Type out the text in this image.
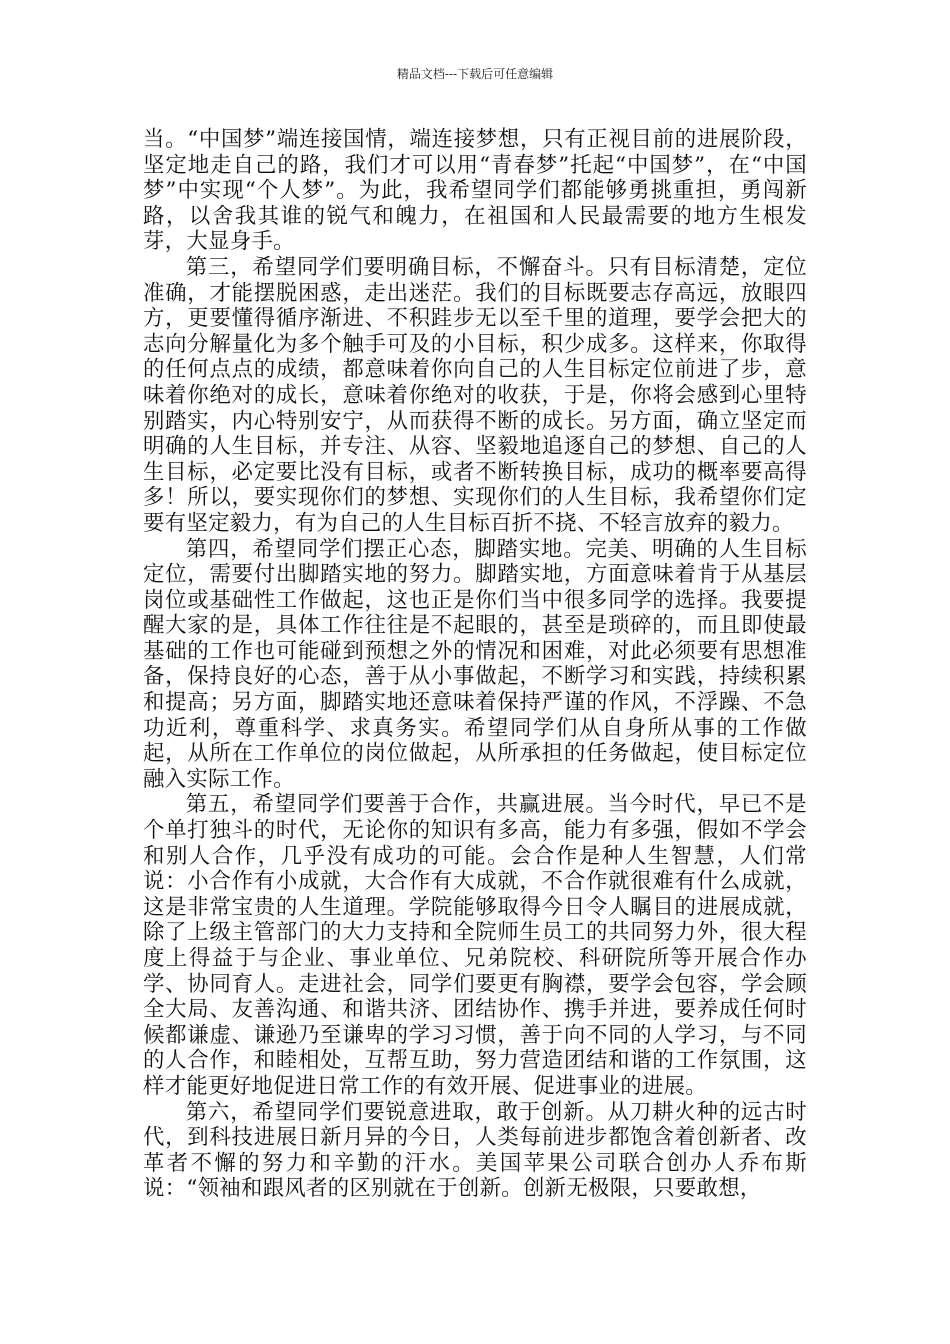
精品文档---下载后可任意编辑

当。“中国梦”端连接国情，端连接梦想，只有正视目前的进展阶段，坚定地走自己的路，我们才可以用“青春梦”托起“中国梦”，在“中国梦”中实现“个人梦”。为此，我希望同学们都能够勇挑重担，勇闯新路，以舍我其谁的锐气和魄力，在祖国和人民最需要的地方生根发芽，大显身手。

第三，希望同学们要明确目标，不懈奋斗。只有目标清楚，定位准确，才能摆脱困惑，走出迷茫。我们的目标既要志存高远，放眼四方，更要懂得循序渐进、不积跬步无以至千里的道理，要学会把大的志向分解量化为多个触手可及的小目标，积少成多。这样来，你取得的任何点点的成绩，都意味着你向自己的人生目标定位前进了步，意味着你绝对的成长，意味着你绝对的收获，于是，你将会感到心里特别踏实，内心特别安宁，从而获得不断的成长。另方面，确立坚定而明确的人生目标，并专注、从容、坚毅地追逐自己的梦想、自己的人生目标，必定要比没有目标，或者不断转换目标，成功的概率要高得多！所以，要实现你们的梦想、实现你们的人生目标，我希望你们定要有坚定毅力，有为自己的人生目标百折不挠、不轻言放弃的毅力。

第四，希望同学们摆正心态，脚踏实地。完美、明确的人生目标定位，需要付出脚踏实地的努力。脚踏实地，方面意味着肯于从基层岗位或基础性工作做起，这也正是你们当中很多同学的选择。我要提醒大家的是，具体工作往往是不起眼的，甚至是琐碎的，而且即使最基础的工作也可能碰到预想之外的情况和困难，对此必须要有思想准备，保持良好的心态，善于从小事做起，不断学习和实践，持续积累和提高；另方面，脚踏实地还意味着保持严谨的作风，不浮躁、不急功近利，尊重科学、求真务实。希望同学们从自身所从事的工作做起，从所在工作单位的岗位做起，从所承担的任务做起，使目标定位融入实际工作。

第五，希望同学们要善于合作，共赢进展。当今时代，早已不是个单打独斗的时代，无论你的知识有多高，能力有多强，假如不学会和别人合作，几乎没有成功的可能。会合作是种人生智慧，人们常说：小合作有小成就，大合作有大成就，不合作就很难有什么成就，这是非常宝贵的人生道理。学院能够取得今日令人瞩目的进展成就，除了上级主管部门的大力支持和全院师生员工的共同努力外，很大程度上得益于与企业、事业单位、兄弟院校、科研院所等开展合作办学、协同育人。走进社会，同学们要更有胸襟，要学会包容，学会顾全大局、友善沟通、和谐共济、团结协作、携手并进，要养成任何时候都谦虚、谦逊乃至谦卑的学习习惯，善于向不同的人学习，与不同的人合作，和睦相处，互帮互助，努力营造团结和谐的工作氛围，这样才能更好地促进日常工作的有效开展、促进事业的进展。

第六，希望同学们要锐意进取，敢于创新。从刀耕火种的远古时代，到科技进展日新月异的今日，人类每前进步都饱含着创新者、改革者不懈的努力和辛勤的汗水。美国苹果公司联合创办人乔布斯说：“领袖和跟风者的区别就在于创新。创新无极限，只要敢想，
